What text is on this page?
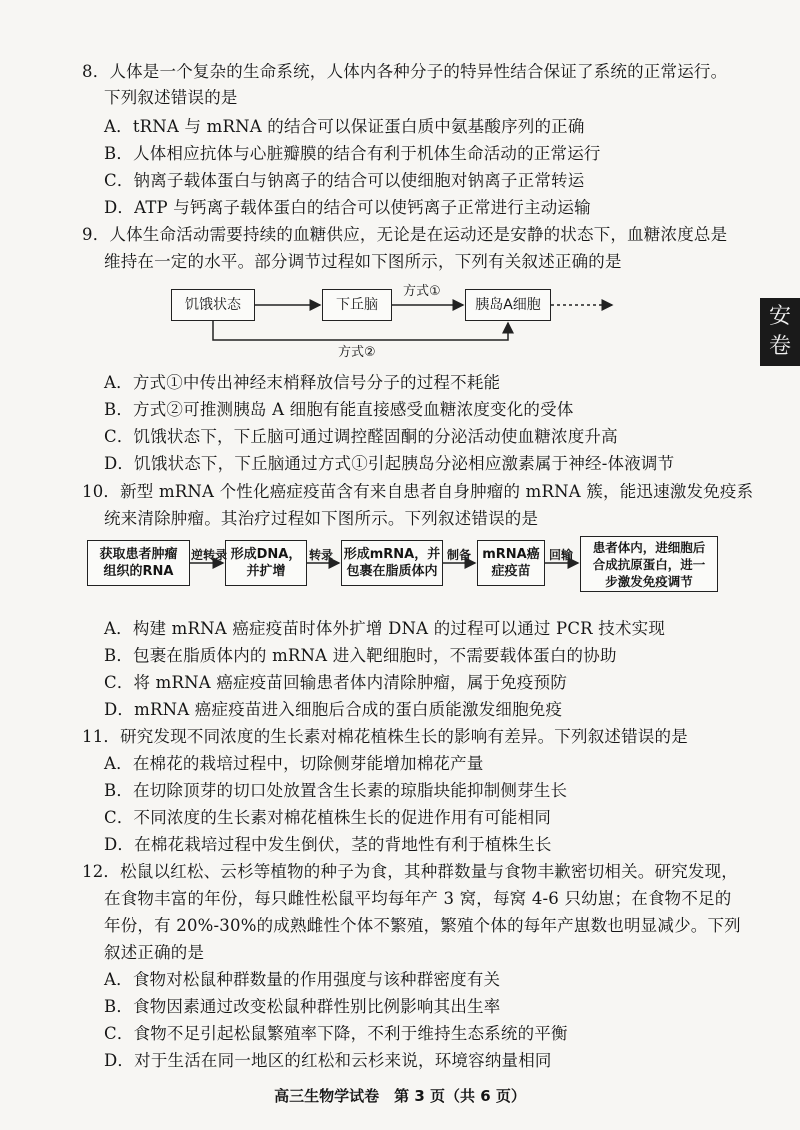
8．人体是一个复杂的生命系统，人体内各种分子的特异性结合保证了系统的正常运行。
下列叙述错误的是
A．tRNA 与 mRNA 的结合可以保证蛋白质中氨基酸序列的正确
B．人体相应抗体与心脏瓣膜的结合有利于机体生命活动的正常运行
C．钠离子载体蛋白与钠离子的结合可以使细胞对钠离子正常转运
D．ATP 与钙离子载体蛋白的结合可以使钙离子正常进行主动运输
9．人体生命活动需要持续的血糖供应，无论是在运动还是安静的状态下，血糖浓度总是
维持在一定的水平。部分调节过程如下图所示，下列有关叙述正确的是
饥饿状态	下丘脑	胰岛A细胞
方式①
方式②
A．方式①中传出神经末梢释放信号分子的过程不耗能
B．方式②可推测胰岛 A 细胞有能直接感受血糖浓度变化的受体
C．饥饿状态下，下丘脑可通过调控醛固酮的分泌活动使血糖浓度升高
D．饥饿状态下，下丘脑通过方式①引起胰岛分泌相应激素属于神经-体液调节
10．新型 mRNA 个性化癌症疫苗含有来自患者自身肿瘤的 mRNA 簇，能迅速激发免疫系
统来清除肿瘤。其治疗过程如下图所示。下列叙述错误的是
获取患者肿瘤
组织的RNA
形成DNA，
并扩增
形成mRNA，并
包裹在脂质体内
mRNA癌
症疫苗
患者体内，进细胞后
合成抗原蛋白，进一
步激发免疫调节
逆转录	转录	制备	回输
A．构建 mRNA 癌症疫苗时体外扩增 DNA 的过程可以通过 PCR 技术实现
B．包裹在脂质体内的 mRNA 进入靶细胞时，不需要载体蛋白的协助
C．将 mRNA 癌症疫苗回输患者体内清除肿瘤，属于免疫预防
D．mRNA 癌症疫苗进入细胞后合成的蛋白质能激发细胞免疫
11．研究发现不同浓度的生长素对棉花植株生长的影响有差异。下列叙述错误的是
A．在棉花的栽培过程中，切除侧芽能增加棉花产量
B．在切除顶芽的切口处放置含生长素的琼脂块能抑制侧芽生长
C．不同浓度的生长素对棉花植株生长的促进作用有可能相同
D．在棉花栽培过程中发生倒伏，茎的背地性有利于植株生长
12．松鼠以红松、云杉等植物的种子为食，其种群数量与食物丰歉密切相关。研究发现，
在食物丰富的年份，每只雌性松鼠平均每年产 3 窝，每窝 4-6 只幼崽；在食物不足的
年份，有 20%-30%的成熟雌性个体不繁殖，繁殖个体的每年产崽数也明显减少。下列
叙述正确的是
A．食物对松鼠种群数量的作用强度与该种群密度有关
B．食物因素通过改变松鼠种群性别比例影响其出生率
C．食物不足引起松鼠繁殖率下降，不利于维持生态系统的平衡
D．对于生活在同一地区的红松和云杉来说，环境容纳量相同
安
卷
高三生物学试卷　第 3 页（共 6 页）
